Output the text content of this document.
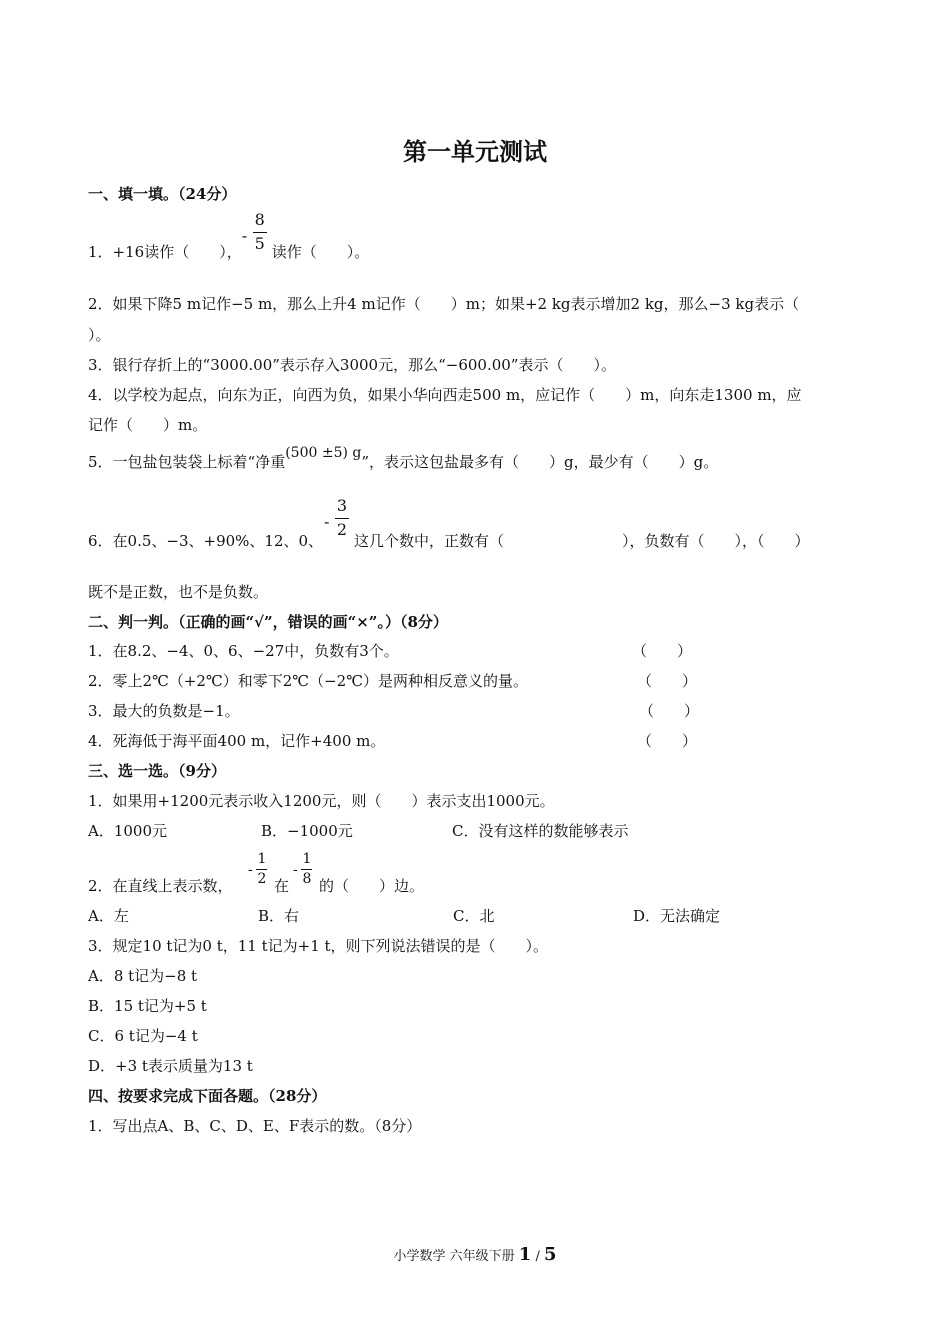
第一单元测试
一、填一填。（24分）
1．+16读作（　　），
-
8
5 读作（　　）。
2．如果下降5 m记作−5 m，那么上升4 m记作（　　）m；如果+2 kg表示增加2 kg，那么−3 kg表示（
）。
3．银行存折上的“3000.00”表示存入3000元，那么“−600.00”表示（　　）。
4．以学校为起点，向东为正，向西为负，如果小华向西走500 m，应记作（　　）m，向东走1300 m，应
记作（　　）m。
5．一包盐包装袋上标着“净重(500 ±5) g”，表示这包盐最多有（　　）g，最少有（　　）g。
6．在0.5、−3、+90%、12、0、
-
3
2
这几个数中，正数有（	），负数有（　　），（　　）
既不是正数，也不是负数。
二、判一判。（正确的画“√”，错误的画“×”。）（8分）
1．在8.2、−4、0、6、−27中，负数有3个。	（　　）
2．零上2℃（+2℃）和零下2℃（−2℃）是两种相反意义的量。	（　　）
3．最大的负数是−1。	（　　）
4．死海低于海平面400 m，记作+400 m。	（　　）
三、选一选。（9分）
1．如果用+1200元表示收入1200元，则（　　）表示支出1000元。
A．1000元	B．−1000元	C．没有这样的数能够表示
2．在直线上表示数，
-
1
2 在
-
1
8 的（　　）边。
A．左	B．右	C．北	D．无法确定
3．规定10 t记为0 t，11 t记为+1 t，则下列说法错误的是（　　）。
A．8 t记为−8 t
B．15 t记为+5 t
C．6 t记为−4 t
D．+3 t表示质量为13 t
四、按要求完成下面各题。（28分）
1．写出点A、B、C、D、E、F表示的数。（8分）
小学数学 六年级下册 1 / 5
